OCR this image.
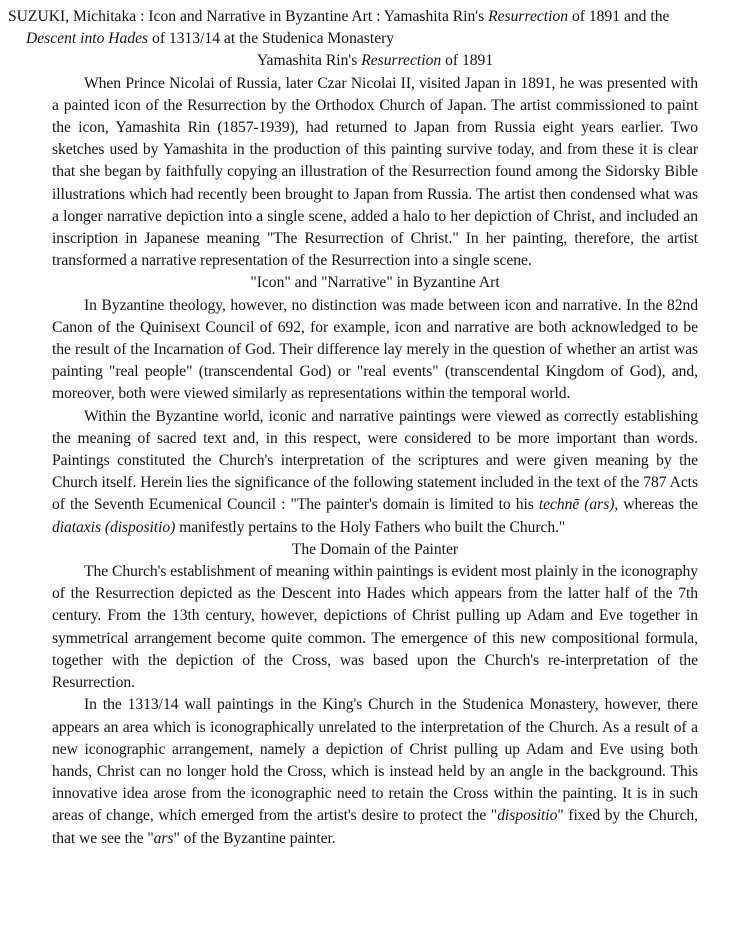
SUZUKI, Michitaka : Icon and Narrative in Byzantine Art : Yamashita Rin's Resurrection of 1891 and the Descent into Hades of 1313/14 at the Studenica Monastery

Yamashita Rin's Resurrection of 1891

When Prince Nicolai of Russia, later Czar Nicolai II, visited Japan in 1891, he was presented with a painted icon of the Resurrection by the Orthodox Church of Japan. The artist commissioned to paint the icon, Yamashita Rin (1857-1939), had returned to Japan from Russia eight years earlier. Two sketches used by Yamashita in the production of this painting survive today, and from these it is clear that she began by faithfully copying an illustration of the Resurrection found among the Sidorsky Bible illustrations which had recently been brought to Japan from Russia. The artist then condensed what was a longer narrative depiction into a single scene, added a halo to her depiction of Christ, and included an inscription in Japanese meaning "The Resurrection of Christ." In her painting, therefore, the artist transformed a narrative representation of the Resurrection into a single scene.

"Icon" and "Narrative" in Byzantine Art

In Byzantine theology, however, no distinction was made between icon and narrative. In the 82nd Canon of the Quinisext Council of 692, for example, icon and narrative are both acknowledged to be the result of the Incarnation of God. Their difference lay merely in the question of whether an artist was painting "real people" (transcendental God) or "real events" (transcendental Kingdom of God), and, moreover, both were viewed similarly as representations within the temporal world.

Within the Byzantine world, iconic and narrative paintings were viewed as correctly establishing the meaning of sacred text and, in this respect, were considered to be more important than words. Paintings constituted the Church's interpretation of the scriptures and were given meaning by the Church itself. Herein lies the significance of the following statement included in the text of the 787 Acts of the Seventh Ecumenical Council : "The painter's domain is limited to his technē (ars), whereas the diataxis (dispositio) manifestly pertains to the Holy Fathers who built the Church."

The Domain of the Painter

The Church's establishment of meaning within paintings is evident most plainly in the iconography of the Resurrection depicted as the Descent into Hades which appears from the latter half of the 7th century. From the 13th century, however, depictions of Christ pulling up Adam and Eve together in symmetrical arrangement become quite common. The emergence of this new compositional formula, together with the depiction of the Cross, was based upon the Church's re-interpretation of the Resurrection.

In the 1313/14 wall paintings in the King's Church in the Studenica Monastery, however, there appears an area which is iconographically unrelated to the interpretation of the Church. As a result of a new iconographic arrangement, namely a depiction of Christ pulling up Adam and Eve using both hands, Christ can no longer hold the Cross, which is instead held by an angle in the background. This innovative idea arose from the iconographic need to retain the Cross within the painting. It is in such areas of change, which emerged from the artist's desire to protect the "dispositio" fixed by the Church, that we see the "ars" of the Byzantine painter.
